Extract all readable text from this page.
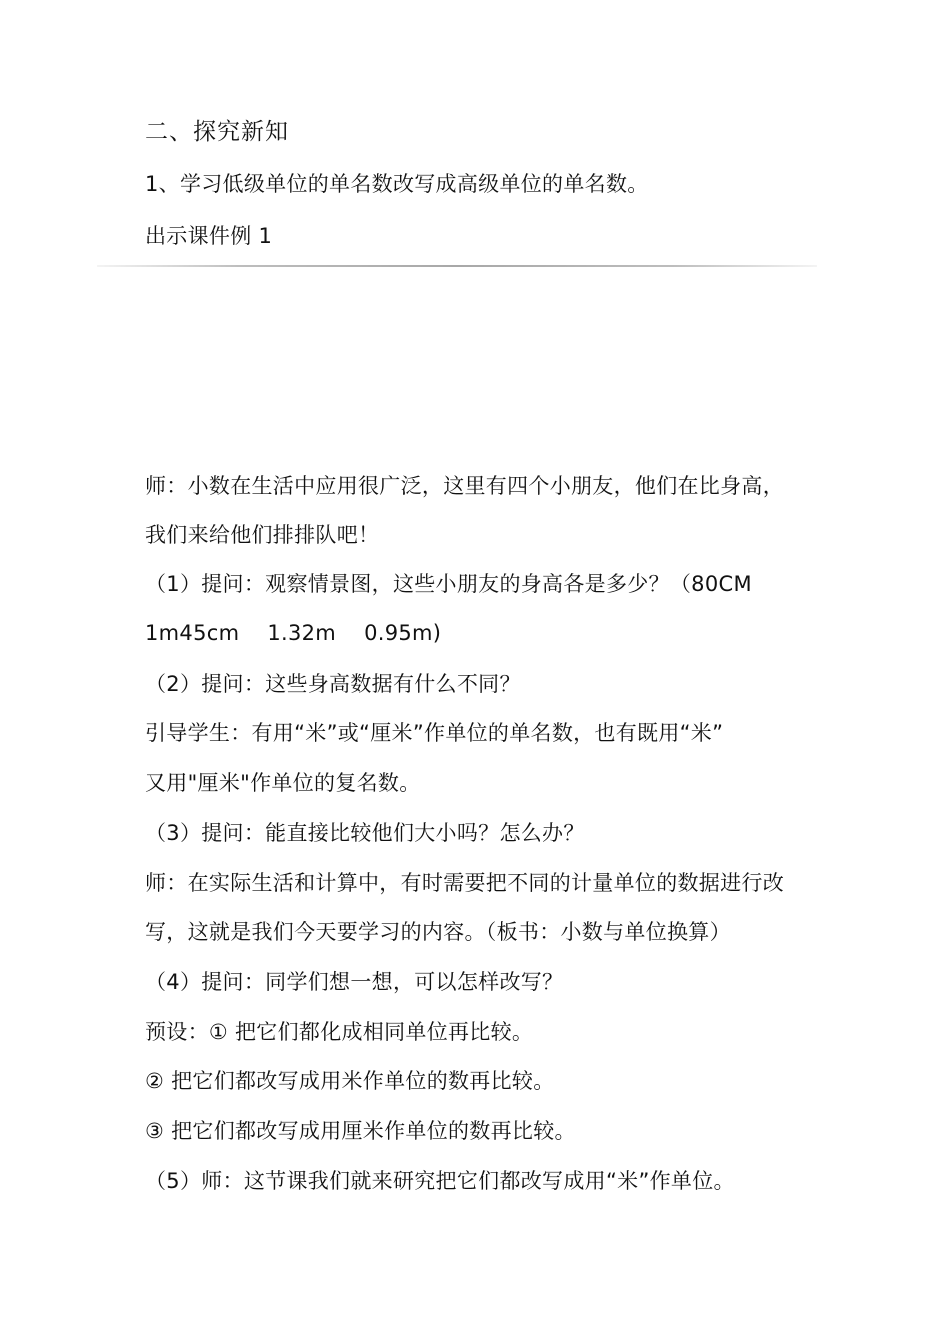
二、探究新知
1、学习低级单位的单名数改写成高级单位的单名数。
出示课件例 1
师：小数在生活中应用很广泛，这里有四个小朋友，他们在比身高，
我们来给他们排排队吧！
（1）提问：观察情景图，这些小朋友的身高各是多少？（80CM
1m45cm 1.32m 0.95m)
（2）提问：这些身高数据有什么不同？
引导学生：有用“米”或“厘米”作单位的单名数，也有既用“米”
又用"厘米"作单位的复名数。
（3）提问：能直接比较他们大小吗？怎么办？
师：在实际生活和计算中，有时需要把不同的计量单位的数据进行改
写，这就是我们今天要学习的内容。（板书：小数与单位换算）
（4）提问：同学们想一想，可以怎样改写？
预设：① 把它们都化成相同单位再比较。
② 把它们都改写成用米作单位的数再比较。
③ 把它们都改写成用厘米作单位的数再比较。
（5）师：这节课我们就来研究把它们都改写成用“米”作单位。
